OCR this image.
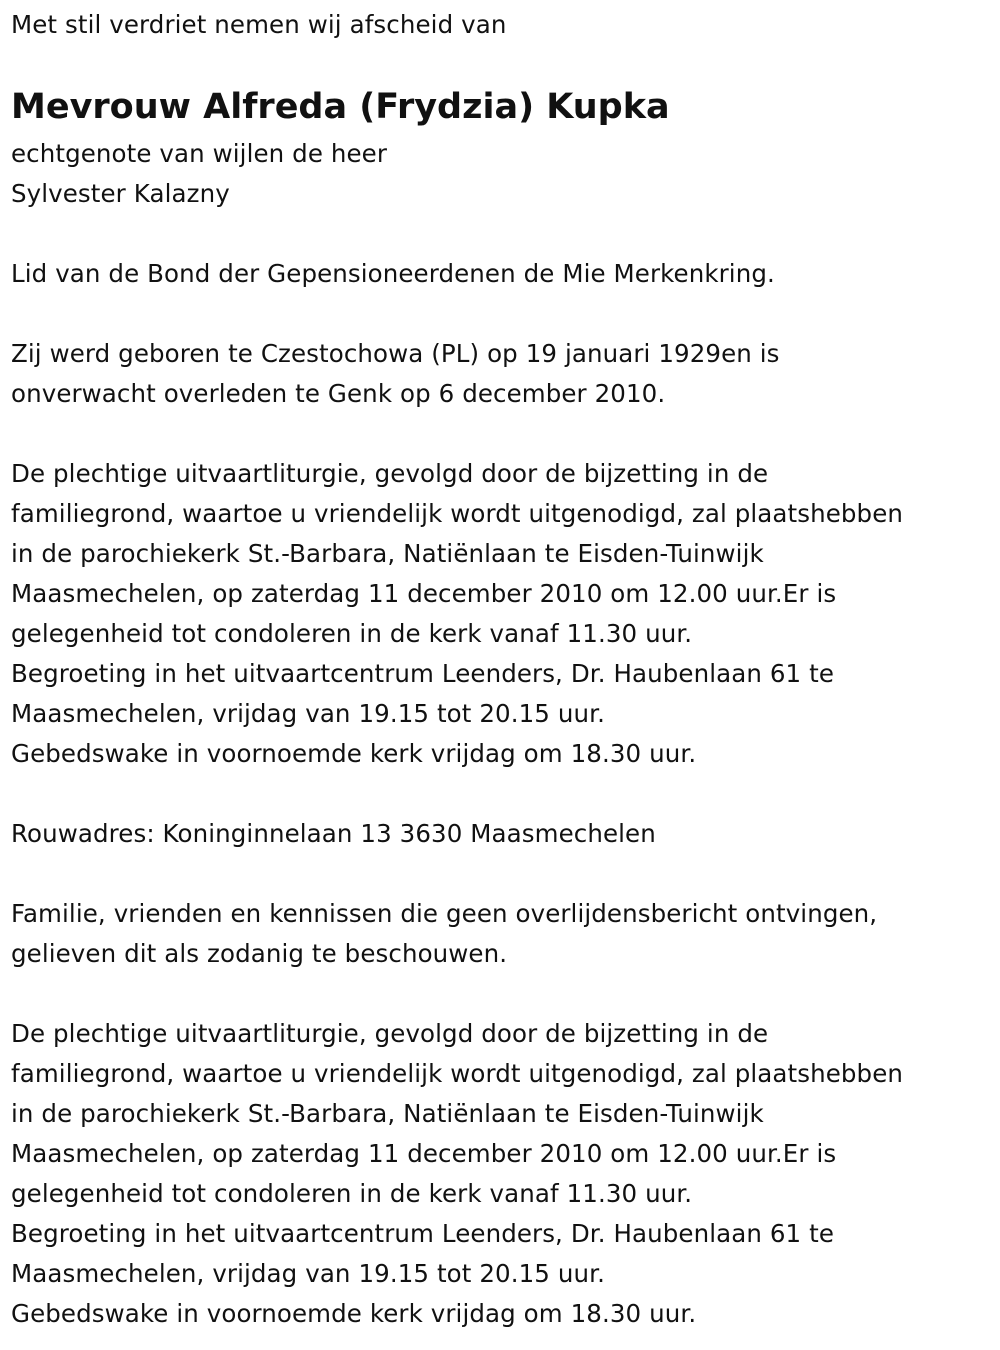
Met stil verdriet nemen wij afscheid van
Mevrouw Alfreda (Frydzia) Kupka
echtgenote van wijlen de heer
Sylvester Kalazny
Lid van de Bond der Gepensioneerdenen de Mie Merkenkring.
Zij werd geboren te Czestochowa (PL) op 19 januari 1929en is
onverwacht overleden te Genk op 6 december 2010.
De plechtige uitvaartliturgie, gevolgd door de bijzetting in de
familiegrond, waartoe u vriendelijk wordt uitgenodigd, zal plaatshebben
in de parochiekerk St.-Barbara, Natiënlaan te Eisden-Tuinwijk
Maasmechelen, op zaterdag 11 december 2010 om 12.00 uur.Er is
gelegenheid tot condoleren in de kerk vanaf 11.30 uur.
Begroeting in het uitvaartcentrum Leenders, Dr. Haubenlaan 61 te
Maasmechelen, vrijdag van 19.15 tot 20.15 uur.
Gebedswake in voornoemde kerk vrijdag om 18.30 uur.
Rouwadres: Koninginnelaan 13 3630 Maasmechelen
Familie, vrienden en kennissen die geen overlijdensbericht ontvingen,
gelieven dit als zodanig te beschouwen.
De plechtige uitvaartliturgie, gevolgd door de bijzetting in de
familiegrond, waartoe u vriendelijk wordt uitgenodigd, zal plaatshebben
in de parochiekerk St.-Barbara, Natiënlaan te Eisden-Tuinwijk
Maasmechelen, op zaterdag 11 december 2010 om 12.00 uur.Er is
gelegenheid tot condoleren in de kerk vanaf 11.30 uur.
Begroeting in het uitvaartcentrum Leenders, Dr. Haubenlaan 61 te
Maasmechelen, vrijdag van 19.15 tot 20.15 uur.
Gebedswake in voornoemde kerk vrijdag om 18.30 uur.
